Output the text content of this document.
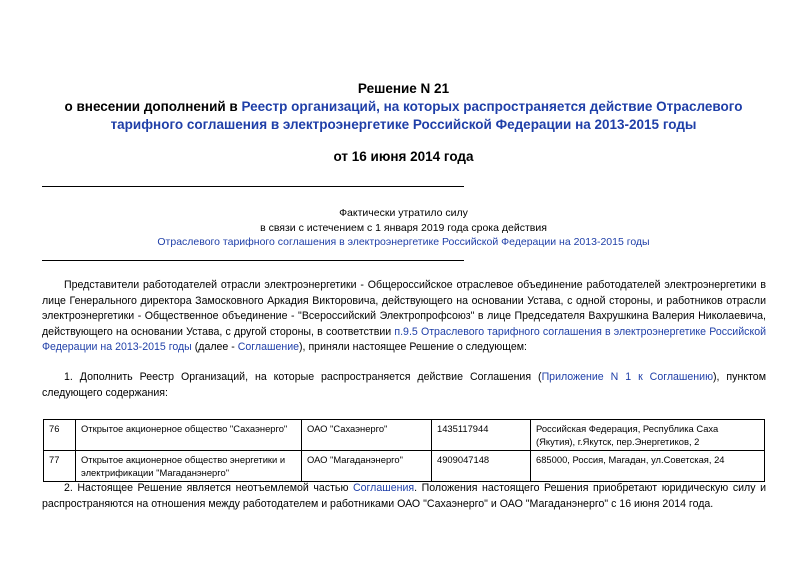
Решение N 21
о внесении дополнений в Реестр организаций, на которых распространяется действие Отраслевого
тарифного соглашения в электроэнергетике Российской Федерации на 2013-2015 годы
от 16 июня 2014 года
Фактически утратило силу
в связи с истечением с 1 января 2019 года срока действия
Отраслевого тарифного соглашения в электроэнергетике Российской Федерации на 2013-2015 годы
Представители работодателей отрасли электроэнергетики - Общероссийское отраслевое объединение работодателей электроэнергетики в лице Генерального директора Замосковного Аркадия Викторовича, действующего на основании Устава, с одной стороны, и работников отрасли электроэнергетики - Общественное объединение - "Всероссийский Электропрофсоюз" в лице Председателя Вахрушкина Валерия Николаевича, действующего на основании Устава, с другой стороны, в соответствии п.9.5 Отраслевого тарифного соглашения в электроэнергетике Российской Федерации на 2013-2015 годы (далее - Соглашение), приняли настоящее Решение о следующем:
1. Дополнить Реестр Организаций, на которые распространяется действие Соглашения (Приложение N 1 к Соглашению), пунктом следующего содержания:
76	Открытое акционерное общество "Сахаэнерго"	ОАО "Сахаэнерго"	1435117944	Российская Федерация, Республика Саха (Якутия), г.Якутск, пер.Энергетиков, 2
77	Открытое акционерное общество энергетики и электрификации "Магаданэнерго"	ОАО "Магаданэнерго"	4909047148	685000, Россия, Магадан, ул.Советская, 24
2. Настоящее Решение является неотъемлемой частью Соглашения. Положения настоящего Решения приобретают юридическую силу и распространяются на отношения между работодателем и работниками ОАО "Сахаэнерго" и ОАО "Магаданэнерго" с 16 июня 2014 года.
